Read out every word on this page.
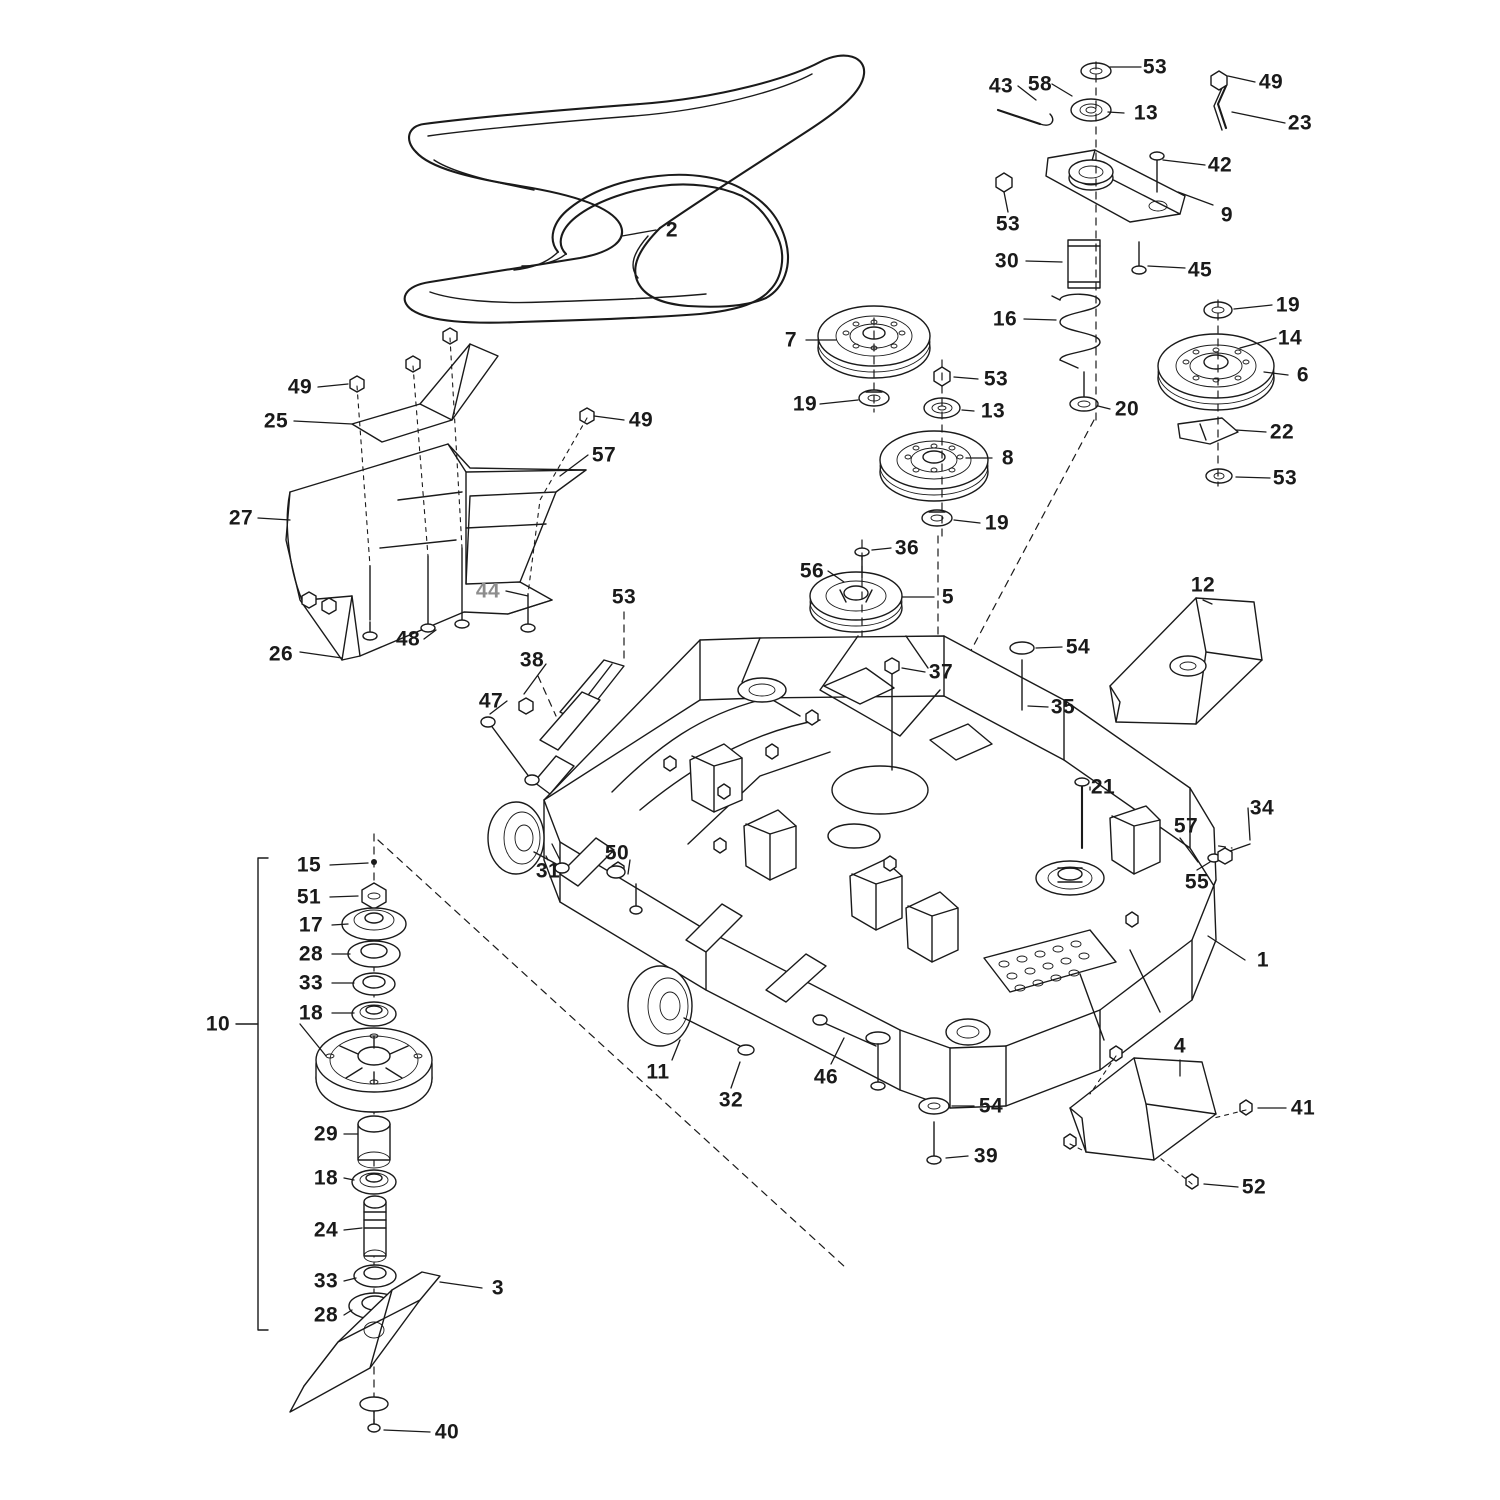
2
53
43 58	49
13	23
42
9
53
30	45
19
16
14
7
6
53
19	13	20
49
25	49
22
8
57
53
27	19
36
44
56
12
5
53
26
48
38
37
54
47	35
21
34
57
15
50
31	55
51
17
28	1
33
18
10
11
32
46
4
29
54	41
18
39
52
24
33
28
3
40
